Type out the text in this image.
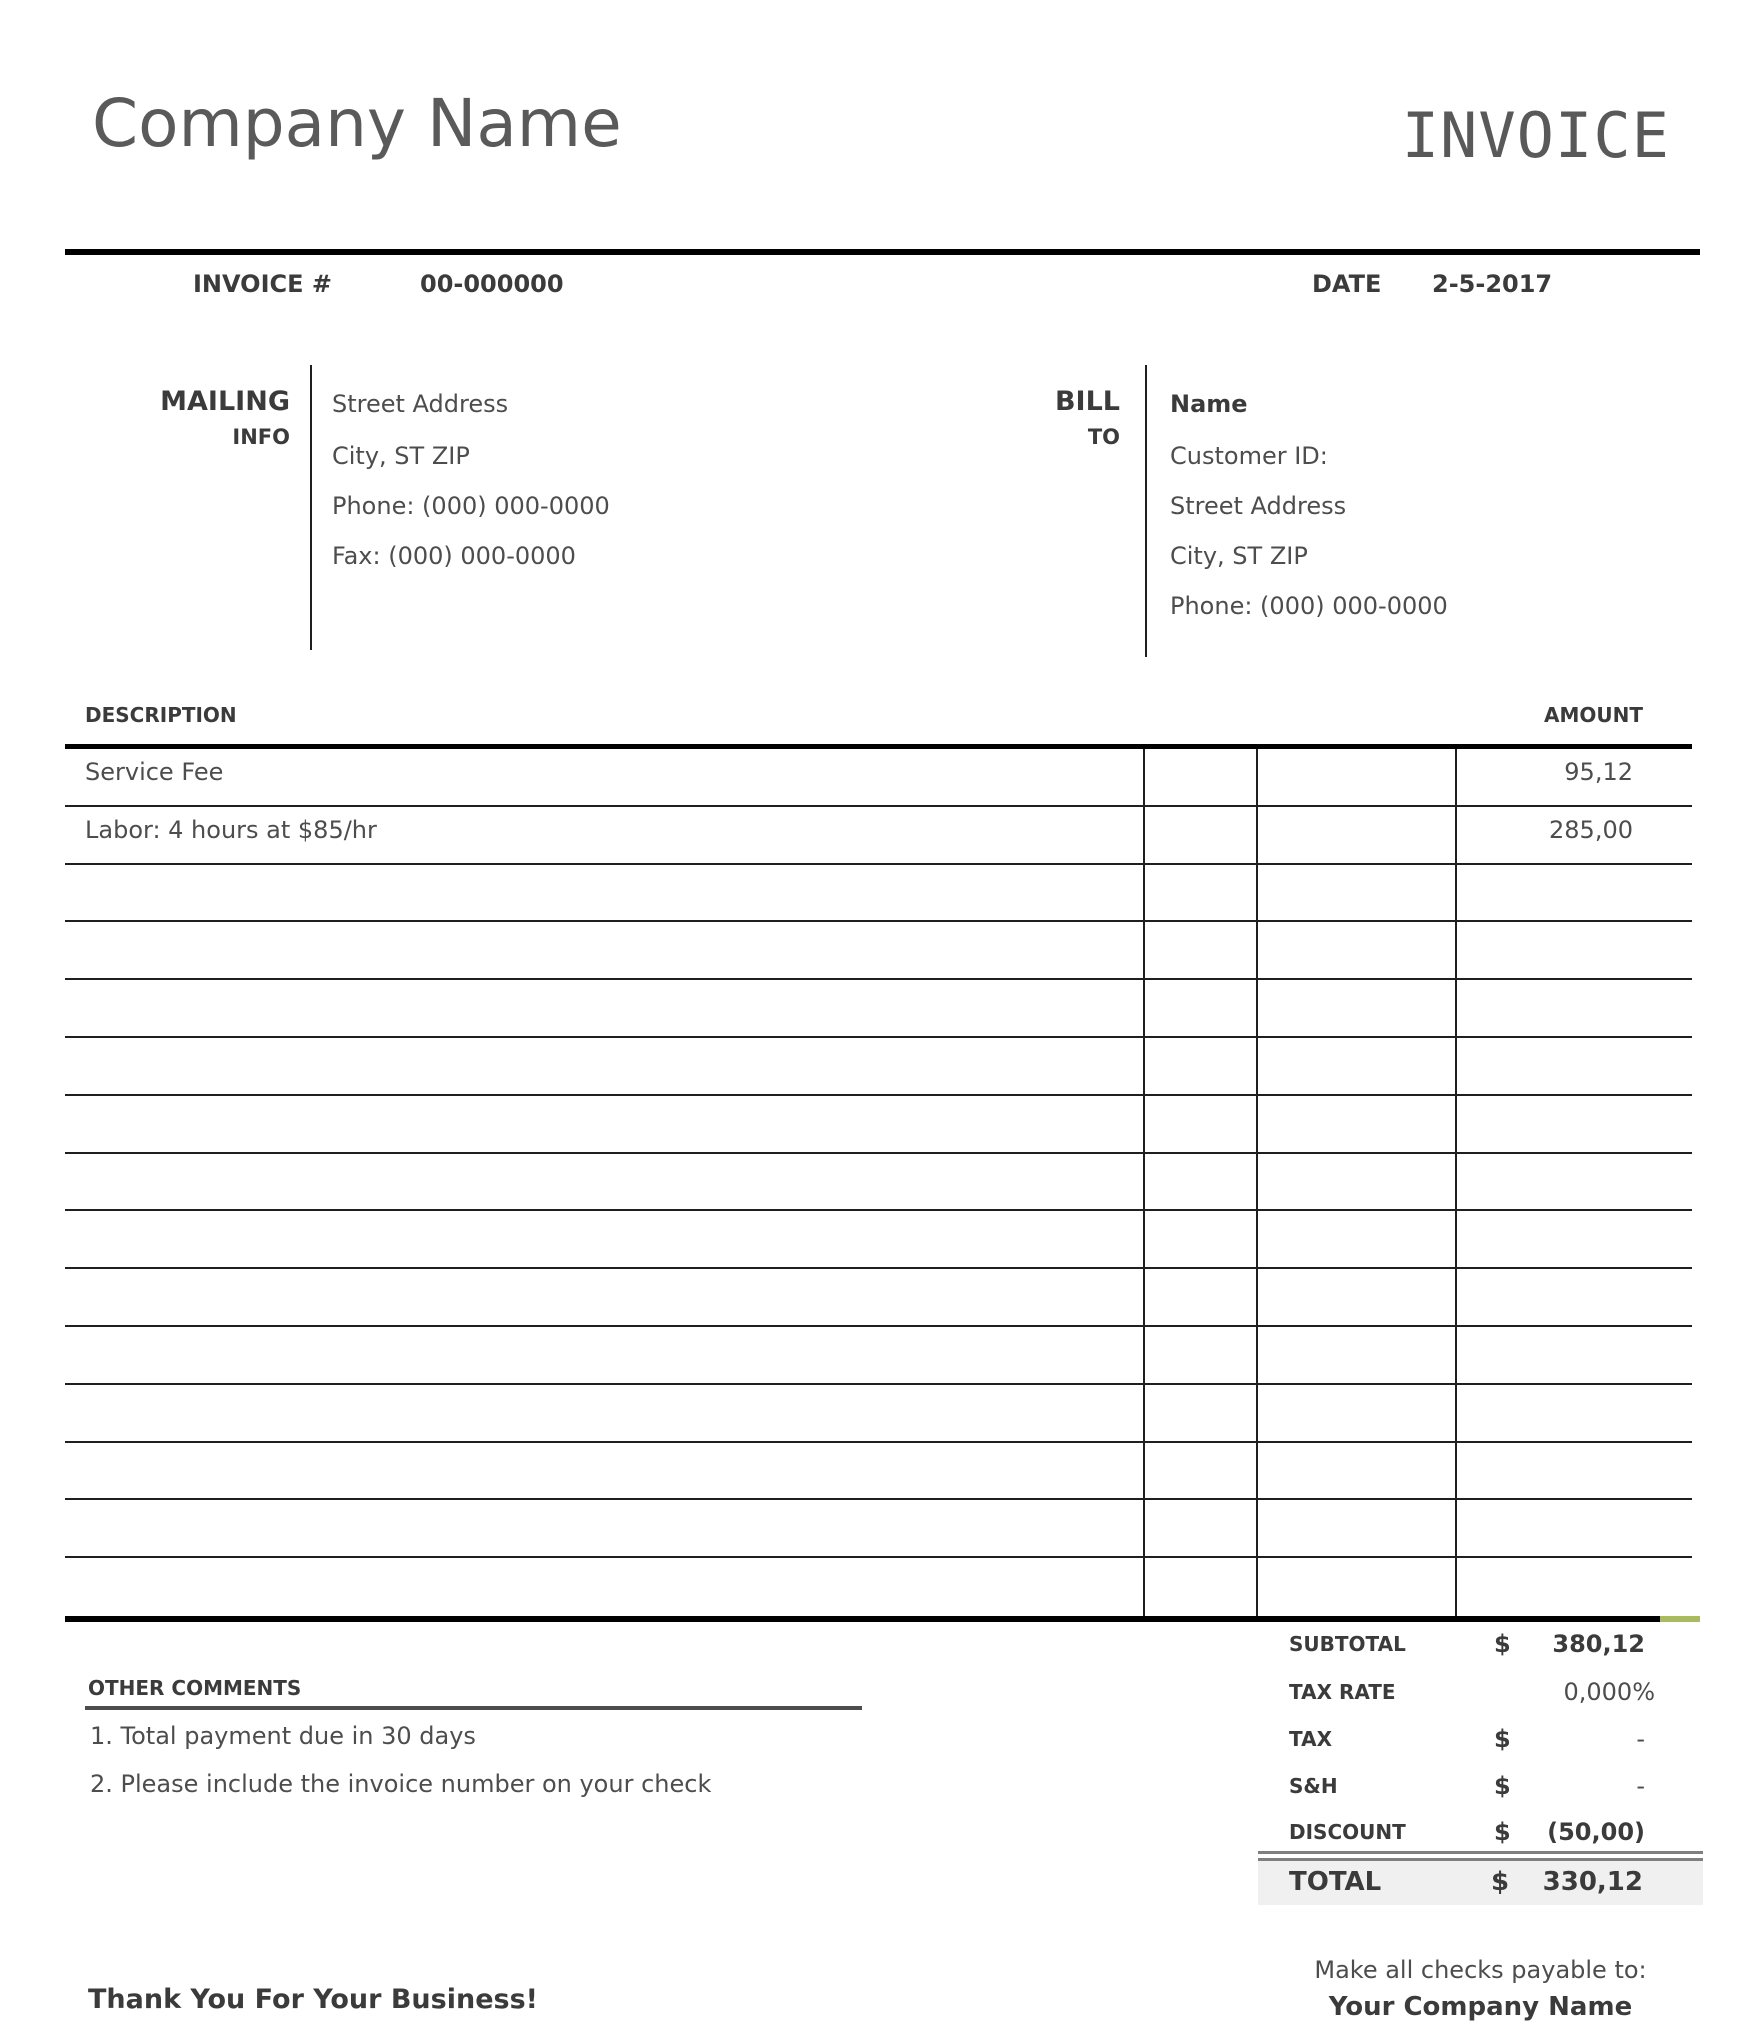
Company Name	INVOICE
INVOICE #	00-000000	DATE 2-5-2017
MAILING
INFO
Street Address
City, ST ZIP
Phone: (000) 000-0000
Fax: (000) 000-0000
BILL
TO
Name
Customer ID:
Street Address
City, ST ZIP
Phone: (000) 000-0000
DESCRIPTION	AMOUNT
Service Fee	95,12
Labor: 4 hours at $85/hr	285,00
SUBTOTAL	$ 380,12
TAX RATE	0,000%
TAX	$	-
S&H	$	-
DISCOUNT	$ (50,00)
TOTAL	$ 330,12
OTHER COMMENTS
1. Total payment due in 30 days
2. Please include the invoice number on your check
Thank You For Your Business!
Make all checks payable to:
Your Company Name
